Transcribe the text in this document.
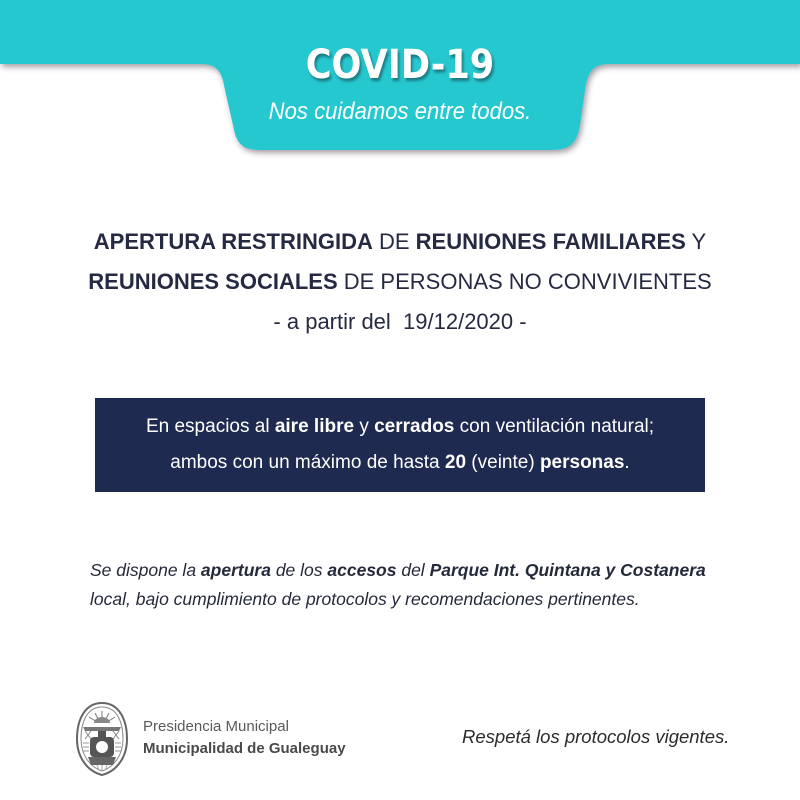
COVID-19
Nos cuidamos entre todos.
APERTURA RESTRINGIDA DE REUNIONES FAMILIARES Y
REUNIONES SOCIALES DE PERSONAS NO CONVIVIENTES
- a partir del  19/12/2020 -
En espacios al aire libre y cerrados con ventilación natural;
ambos con un máximo de hasta 20 (veinte) personas.
Se dispone la apertura de los accesos del Parque Int. Quintana y Costanera
local, bajo cumplimiento de protocolos y recomendaciones pertinentes.
Presidencia Municipal
Municipalidad de Gualeguay
Respetá los protocolos vigentes.
